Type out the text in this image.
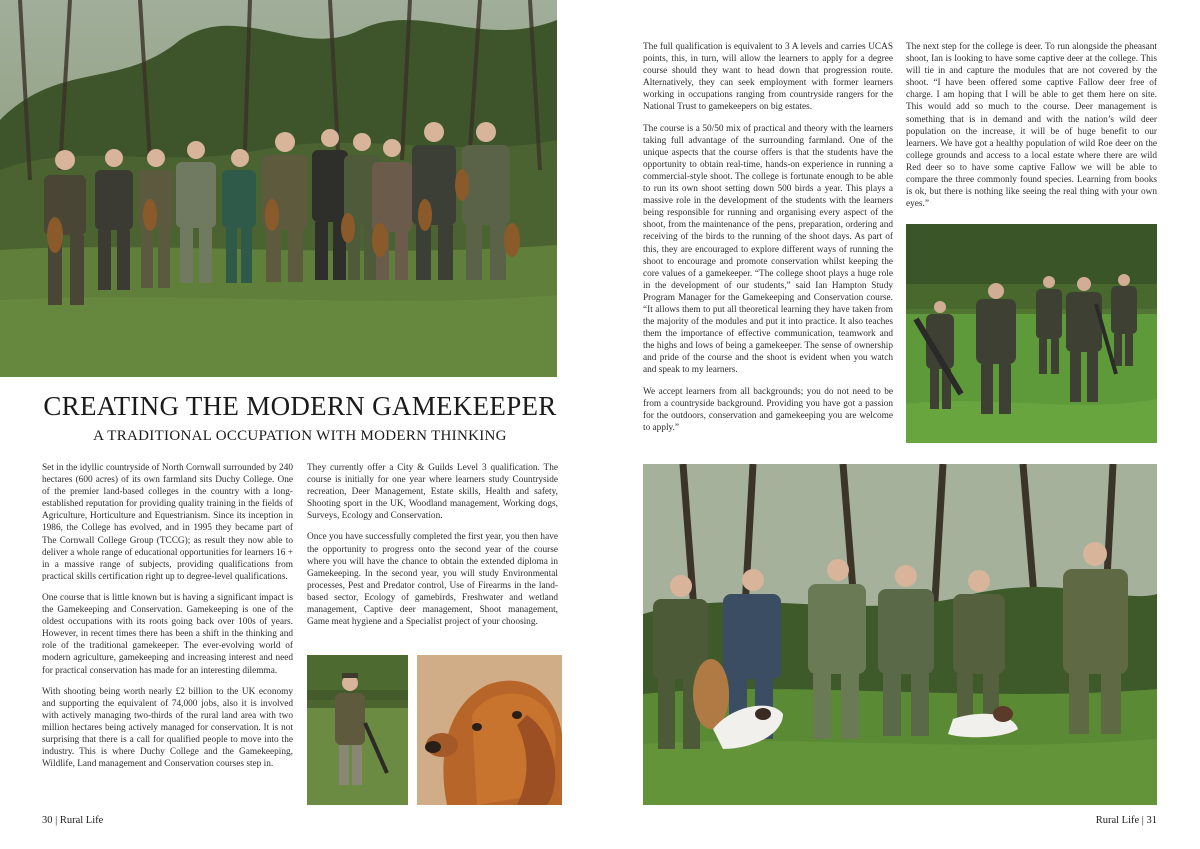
CREATING THE MODERN GAMEKEEPER
A TRADITIONAL OCCUPATION WITH MODERN THINKING

Set in the idyllic countryside of North Cornwall surrounded by 240 hectares (600 acres) of its own farmland sits Duchy College. One of the premier land-based colleges in the country with a long-established reputation for providing quality training in the fields of Agriculture, Horticulture and Equestrianism. Since its inception in 1986, the College has evolved, and in 1995 they became part of The Cornwall College Group (TCCG); as result they now able to deliver a whole range of educational opportunities for learners 16 + in a massive range of subjects, providing qualifications from practical skills certification right up to degree-level qualifications.

One course that is little known but is having a significant impact is the Gamekeeping and Conservation. Gamekeeping is one of the oldest occupations with its roots going back over 100s of years. However, in recent times there has been a shift in the thinking and role of the traditional gamekeeper. The ever-evolving world of modern agriculture, gamekeeping and increasing interest and need for practical conservation has made for an interesting dilemma.

With shooting being worth nearly £2 billion to the UK economy and supporting the equivalent of 74,000 jobs, also it is involved with actively managing two-thirds of the rural land area with two million hectares being actively managed for conservation. It is not surprising that there is a call for qualified people to move into the industry. This is where Duchy College and the Gamekeeping, Wildlife, Land management and Conservation courses step in.

They currently offer a City & Guilds Level 3 qualification. The course is initially for one year where learners study Countryside recreation, Deer Management, Estate skills, Health and safety, Shooting sport in the UK, Woodland management, Working dogs, Surveys, Ecology and Conservation.

Once you have successfully completed the first year, you then have the opportunity to progress onto the second year of the course where you will have the chance to obtain the extended diploma in Gamekeeping. In the second year, you will study Environmental processes, Pest and Predator control, Use of Firearms in the land-based sector, Ecology of gamebirds, Freshwater and wetland management, Captive deer management, Shoot management, Game meat hygiene and a Specialist project of your choosing.

30 | Rural Life

The full qualification is equivalent to 3 A levels and carries UCAS points, this, in turn, will allow the learners to apply for a degree course should they want to head down that progression route. Alternatively, they can seek employment with former learners working in occupations ranging from countryside rangers for the National Trust to gamekeepers on big estates.

The course is a 50/50 mix of practical and theory with the learners taking full advantage of the surrounding farmland. One of the unique aspects that the course offers is that the students have the opportunity to obtain real-time, hands-on experience in running a commercial-style shoot. The college is fortunate enough to be able to run its own shoot setting down 500 birds a year. This plays a massive role in the development of the students with the learners being responsible for running and organising every aspect of the shoot, from the maintenance of the pens, preparation, ordering and receiving of the birds to the running of the shoot days. As part of this, they are encouraged to explore different ways of running the shoot to encourage and promote conservation whilst keeping the core values of a gamekeeper. “The college shoot plays a huge role in the development of our students,” said Ian Hampton Study Program Manager for the Gamekeeping and Conservation course. “It allows them to put all theoretical learning they have taken from the majority of the modules and put it into practice. It also teaches them the importance of effective communication, teamwork and the highs and lows of being a gamekeeper. The sense of ownership and pride of the course and the shoot is evident when you watch and speak to my learners.

We accept learners from all backgrounds; you do not need to be from a countryside background. Providing you have got a passion for the outdoors, conservation and gamekeeping you are welcome to apply.”

The next step for the college is deer. To run alongside the pheasant shoot, Ian is looking to have some captive deer at the college. This will tie in and capture the modules that are not covered by the shoot. “I have been offered some captive Fallow deer free of charge. I am hoping that I will be able to get them here on site. This would add so much to the course. Deer management is something that is in demand and with the nation’s wild deer population on the increase, it will be of huge benefit to our learners. We have got a healthy population of wild Roe deer on the college grounds and access to a local estate where there are wild Red deer so to have some captive Fallow we will be able to compare the three commonly found species. Learning from books is ok, but there is nothing like seeing the real thing with your own eyes.”

Rural Life | 31
